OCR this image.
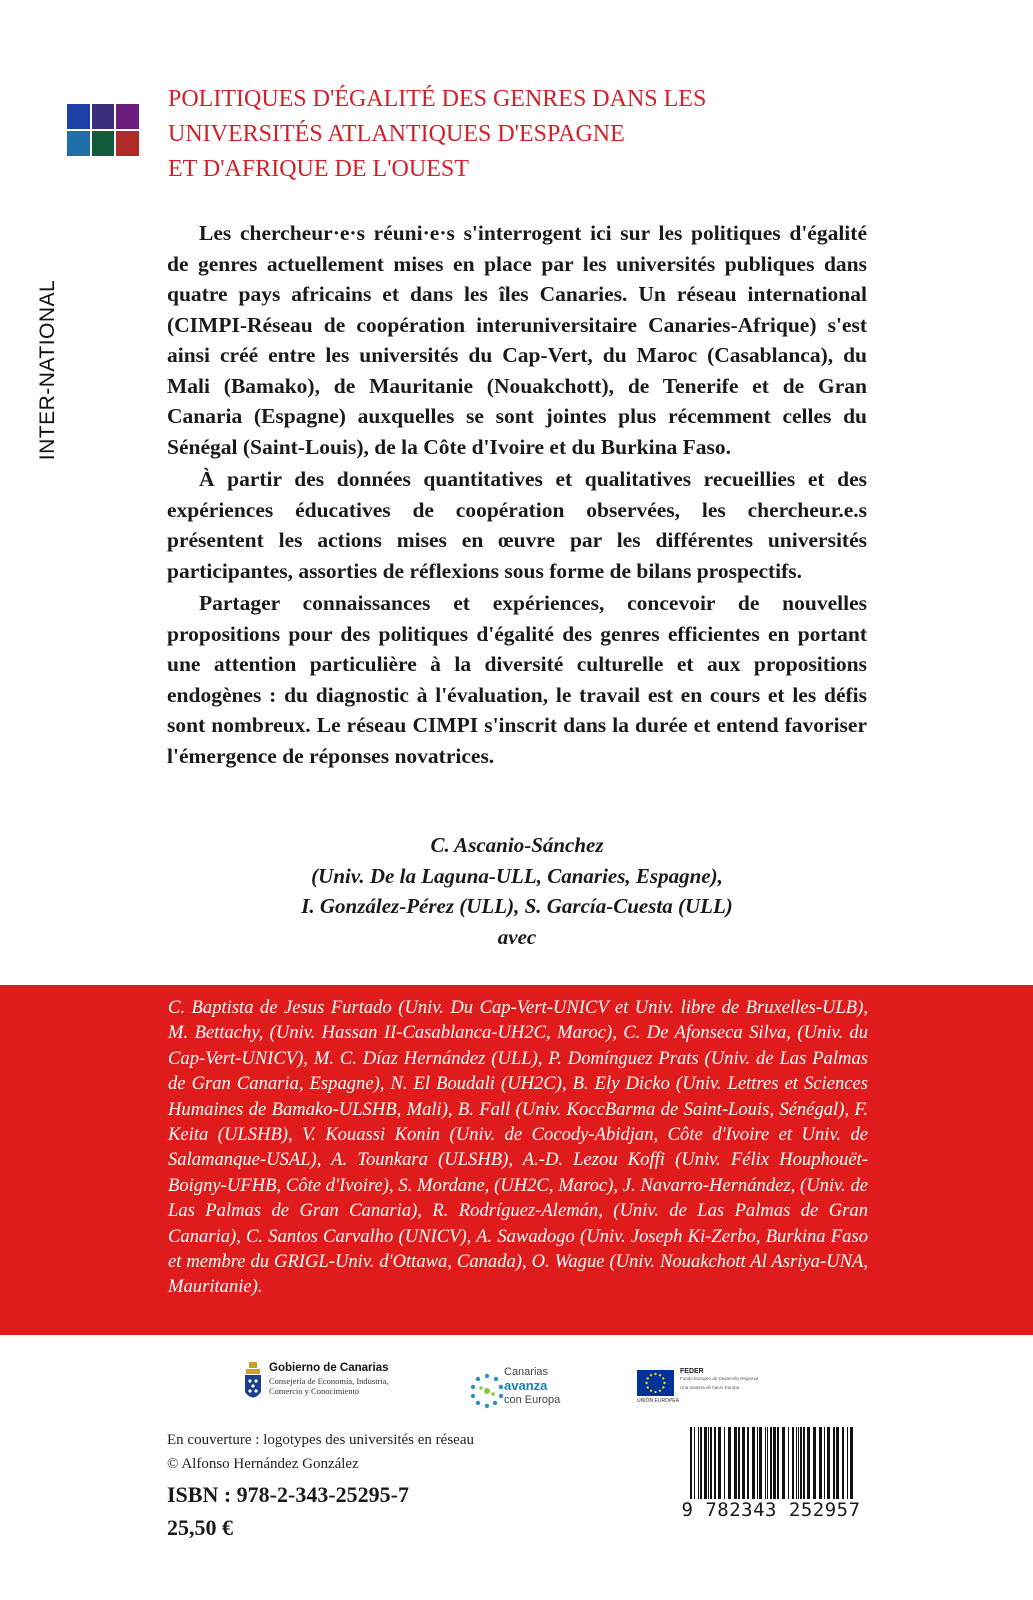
INTER-NATIONAL
POLITIQUES D'ÉGALITÉ DES GENRES DANS LES
UNIVERSITÉS ATLANTIQUES D'ESPAGNE
ET D'AFRIQUE DE L'OUEST

Les chercheur·e·s réuni·e·s s'interrogent ici sur les politiques d'égalité de genres actuellement mises en place par les universités publiques dans quatre pays africains et dans les îles Canaries. Un réseau international (CIMPI-Réseau de coopération interuniversitaire Canaries-Afrique) s'est ainsi créé entre les universités du Cap-Vert, du Maroc (Casablanca), du Mali (Bamako), de Mauritanie (Nouakchott), de Tenerife et de Gran Canaria (Espagne) auxquelles se sont jointes plus récemment celles du Sénégal (Saint-Louis), de la Côte d'Ivoire et du Burkina Faso.

À partir des données quantitatives et qualitatives recueillies et des expériences éducatives de coopération observées, les chercheur.e.s présentent les actions mises en œuvre par les différentes universités participantes, assorties de réflexions sous forme de bilans prospectifs.

Partager connaissances et expériences, concevoir de nouvelles propositions pour des politiques d'égalité des genres efficientes en portant une attention particulière à la diversité culturelle et aux propositions endogènes : du diagnostic à l'évaluation, le travail est en cours et les défis sont nombreux. Le réseau CIMPI s'inscrit dans la durée et entend favoriser l'émergence de réponses novatrices.

C. Ascanio-Sánchez
(Univ. De la Laguna-ULL, Canaries, Espagne),
I. González-Pérez (ULL), S. García-Cuesta (ULL)
avec

C. Baptista de Jesus Furtado (Univ. Du Cap-Vert-UNICV et Univ. libre de Bruxelles-ULB), M. Bettachy, (Univ. Hassan II-Casablanca-UH2C, Maroc), C. De Afonseca Silva, (Univ. du Cap-Vert-UNICV), M. C. Díaz Hernández (ULL), P. Domínguez Prats (Univ. de Las Palmas de Gran Canaria, Espagne), N. El Boudali (UH2C), B. Ely Dicko (Univ. Lettres et Sciences Humaines de Bamako-ULSHB, Mali), B. Fall (Univ. KoccBarma de Saint-Louis, Sénégal), F. Keita (ULSHB), V. Kouassi Konin (Univ. de Cocody-Abidjan, Côte d'Ivoire et Univ. de Salamanque-USAL), A. Tounkara (ULSHB), A.-D. Lezou Koffi (Univ. Félix Houphouët-Boigny-UFHB, Côte d'Ivoire), S. Mordane, (UH2C, Maroc), J. Navarro-Hernández, (Univ. de Las Palmas de Gran Canaria), R. Rodríguez-Alemán, (Univ. de Las Palmas de Gran Canaria), C. Santos Carvalho (UNICV), A. Sawadogo (Univ. Joseph Ki-Zerbo, Burkina Faso et membre du GRIGL-Univ. d'Ottawa, Canada), O. Wague (Univ. Nouakchott Al Asriya-UNA, Mauritanie).

Gobierno de Canarias
Consejería de Economía, Industria,
Comercio y Conocimiento
Canarias
avanza
con Europa
FEDER
Fondo Europeo de Desarrollo Regional
Una manera de hacer Europa
UNIÓN EUROPEA
En couverture : logotypes des universités en réseau
© Alfonso Hernández González
ISBN : 978-2-343-25295-7
25,50 €
9 782343 252957
